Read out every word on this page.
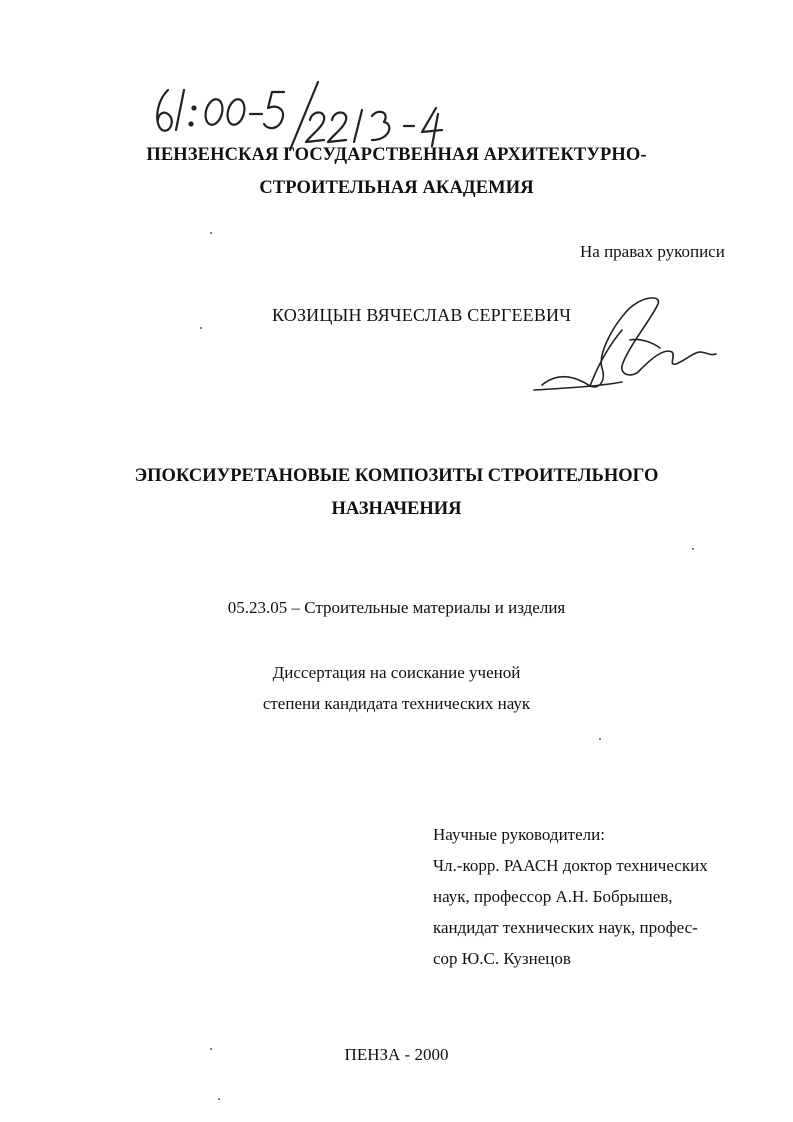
ПЕНЗЕНСКАЯ ГОСУДАРСТВЕННАЯ АРХИТЕКТУРНО-
СТРОИТЕЛЬНАЯ АКАДЕМИЯ
На правах рукописи
КОЗИЦЫН ВЯЧЕСЛАВ СЕРГЕЕВИЧ
ЭПОКСИУРЕТАНОВЫЕ КОМПОЗИТЫ СТРОИТЕЛЬНОГО
НАЗНАЧЕНИЯ
05.23.05 – Строительные материалы и изделия
Диссертация на соискание ученой
степени кандидата технических наук
Научные руководители:
Чл.-корр. РААСН доктор технических
наук, профессор А.Н. Бобрышев,
кандидат технических наук, профес-
сор Ю.С. Кузнецов
ПЕНЗА - 2000
